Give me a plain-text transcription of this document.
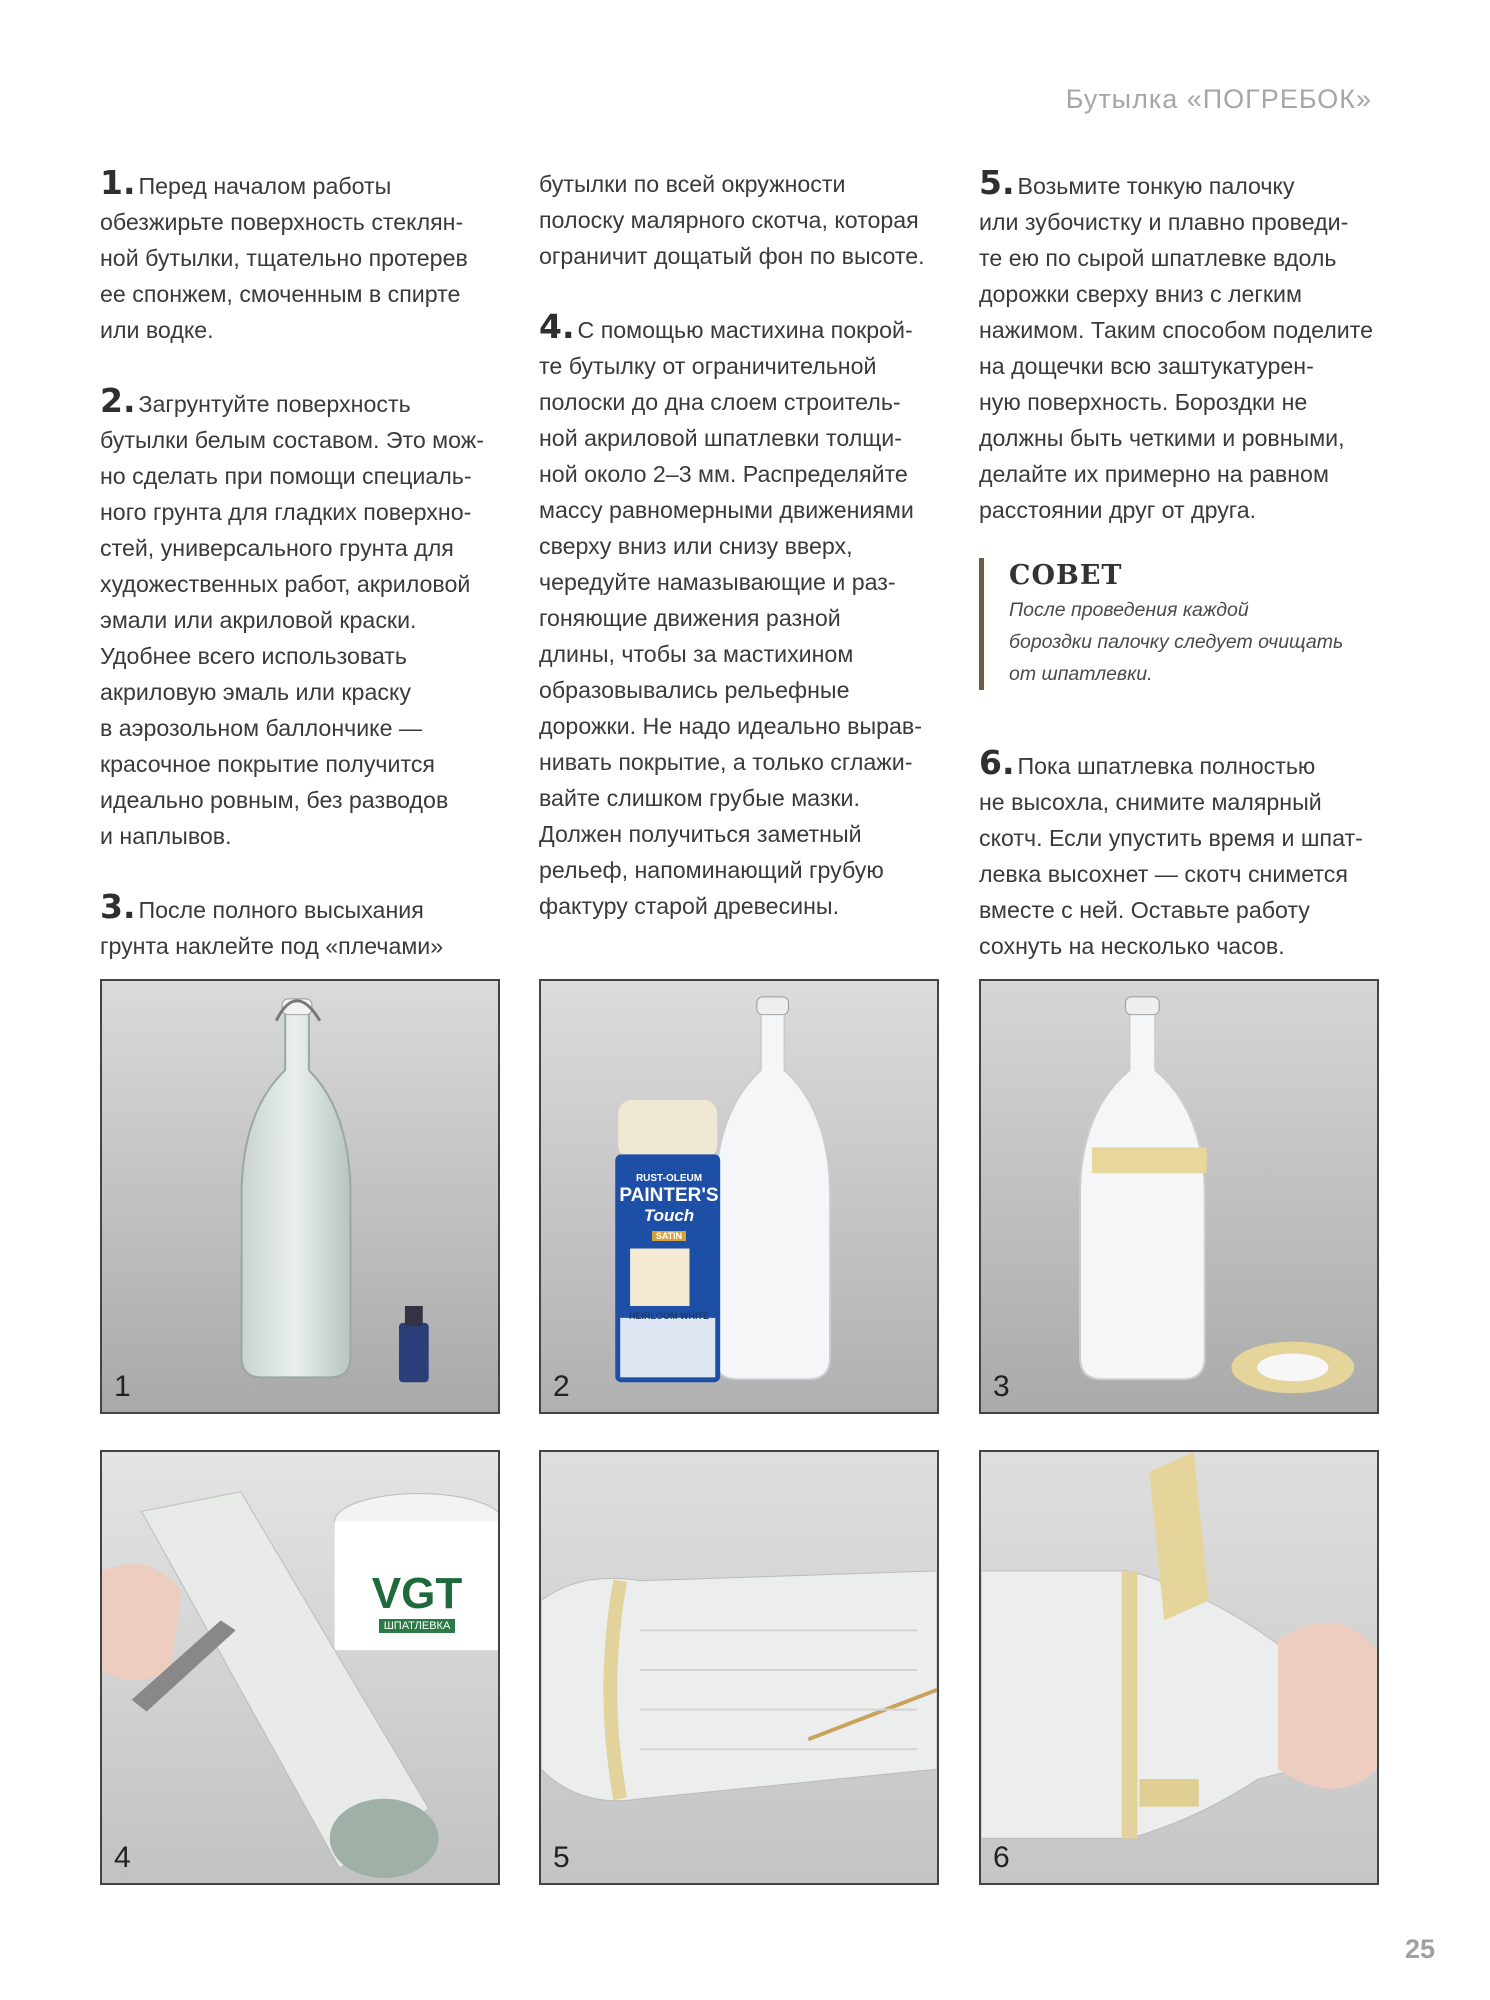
Бутылка «ПОГРЕБОК»
1. Перед началом работы
обезжирьте поверхность стеклян-
ной бутылки, тщательно протерев
ее спонжем, смоченным в спирте
или водке.
2. Загрунтуйте поверхность
бутылки белым составом. Это мож-
но сделать при помощи специаль-
ного грунта для гладких поверхно-
стей, универсального грунта для
художественных работ, акриловой
эмали или акриловой краски.
Удобнее всего использовать
акриловую эмаль или краску
в аэрозольном баллончике —
красочное покрытие получится
идеально ровным, без разводов
и наплывов.
3. После полного высыхания
грунта наклейте под «плечами»
бутылки по всей окружности
полоску малярного скотча, которая
ограничит дощатый фон по высоте.
4. С помощью мастихина покрой-
те бутылку от ограничительной
полоски до дна слоем строитель-
ной акриловой шпатлевки толщи-
ной около 2–3 мм. Распределяйте
массу равномерными движениями
сверху вниз или снизу вверх,
чередуйте намазывающие и раз-
гоняющие движения разной
длины, чтобы за мастихином
образовывались рельефные
дорожки. Не надо идеально вырав-
нивать покрытие, а только сглажи-
вайте слишком грубые мазки.
Должен получиться заметный
рельеф, напоминающий грубую
фактуру старой древесины.
5. Возьмите тонкую палочку
или зубочистку и плавно проведи-
те ею по сырой шпатлевке вдоль
дорожки сверху вниз с легким
нажимом. Таким способом поделите
на дощечки всю заштукатурен-
ную поверхность. Бороздки не
должны быть четкими и ровными,
делайте их примерно на равном
расстоянии друг от друга.
СОВЕТ
После проведения каждой
бороздки палочку следует очищать
от шпатлевки.
6. Пока шпатлевка полностью
не высохла, снимите малярный
скотч. Если упустить время и шпат-
левка высохнет — скотч снимется
вместе с ней. Оставьте работу
сохнуть на несколько часов.
1
RUST-OLEUM
PAINTER'S
Touch
SATIN
HEIRLOOM WHITE
2	3
VGT
ШПАТЛЕВКА
4	5	6
25
